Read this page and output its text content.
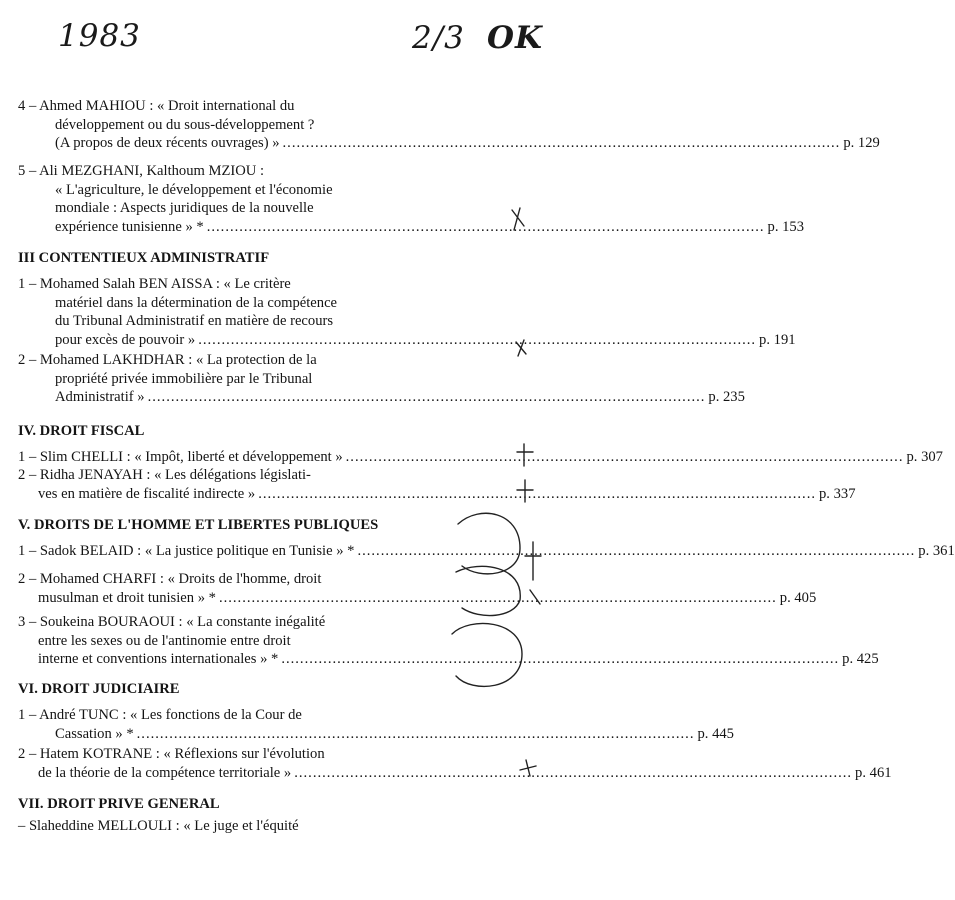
1983	2/3 OK
4 – Ahmed MAHIOU : « Droit international du
développement ou du sous-développement ?
(A propos de deux récents ouvrages) » ........................................................................................................................ p. 129
5 – Ali MEZGHANI, Kalthoum MZIOU :
« L'agriculture, le développement et l'économie
mondiale : Aspects juridiques de la nouvelle
expérience tunisienne » * ........................................................................................................................ p. 153
III CONTENTIEUX ADMINISTRATIF
1 – Mohamed Salah BEN AISSA : « Le critère
matériel dans la détermination de la compétence
du Tribunal Administratif en matière de recours
pour excès de pouvoir » ........................................................................................................................ p. 191
2 – Mohamed LAKHDHAR : « La protection de la
propriété privée immobilière par le Tribunal
Administratif » ........................................................................................................................ p. 235
IV. DROIT FISCAL
1 – Slim CHELLI : « Impôt, liberté et développement » ........................................................................................................................ p. 307
2 – Ridha JENAYAH : « Les délégations législati-
ves en matière de fiscalité indirecte » ........................................................................................................................ p. 337
V. DROITS DE L'HOMME ET LIBERTES PUBLIQUES
1 – Sadok BELAID : « La justice politique en Tunisie » * ........................................................................................................................ p. 361
2 – Mohamed CHARFI : « Droits de l'homme, droit
musulman et droit tunisien » * ........................................................................................................................ p. 405
3 – Soukeina BOURAOUI : « La constante inégalité
entre les sexes ou de l'antinomie entre droit
interne et conventions internationales » * ........................................................................................................................ p. 425
VI. DROIT JUDICIAIRE
1 – André TUNC : « Les fonctions de la Cour de
Cassation » * ........................................................................................................................ p. 445
2 – Hatem KOTRANE : « Réflexions sur l'évolution
de la théorie de la compétence territoriale » ........................................................................................................................ p. 461
VII. DROIT PRIVE GENERAL
– Slaheddine MELLOULI : « Le juge et l'équité
